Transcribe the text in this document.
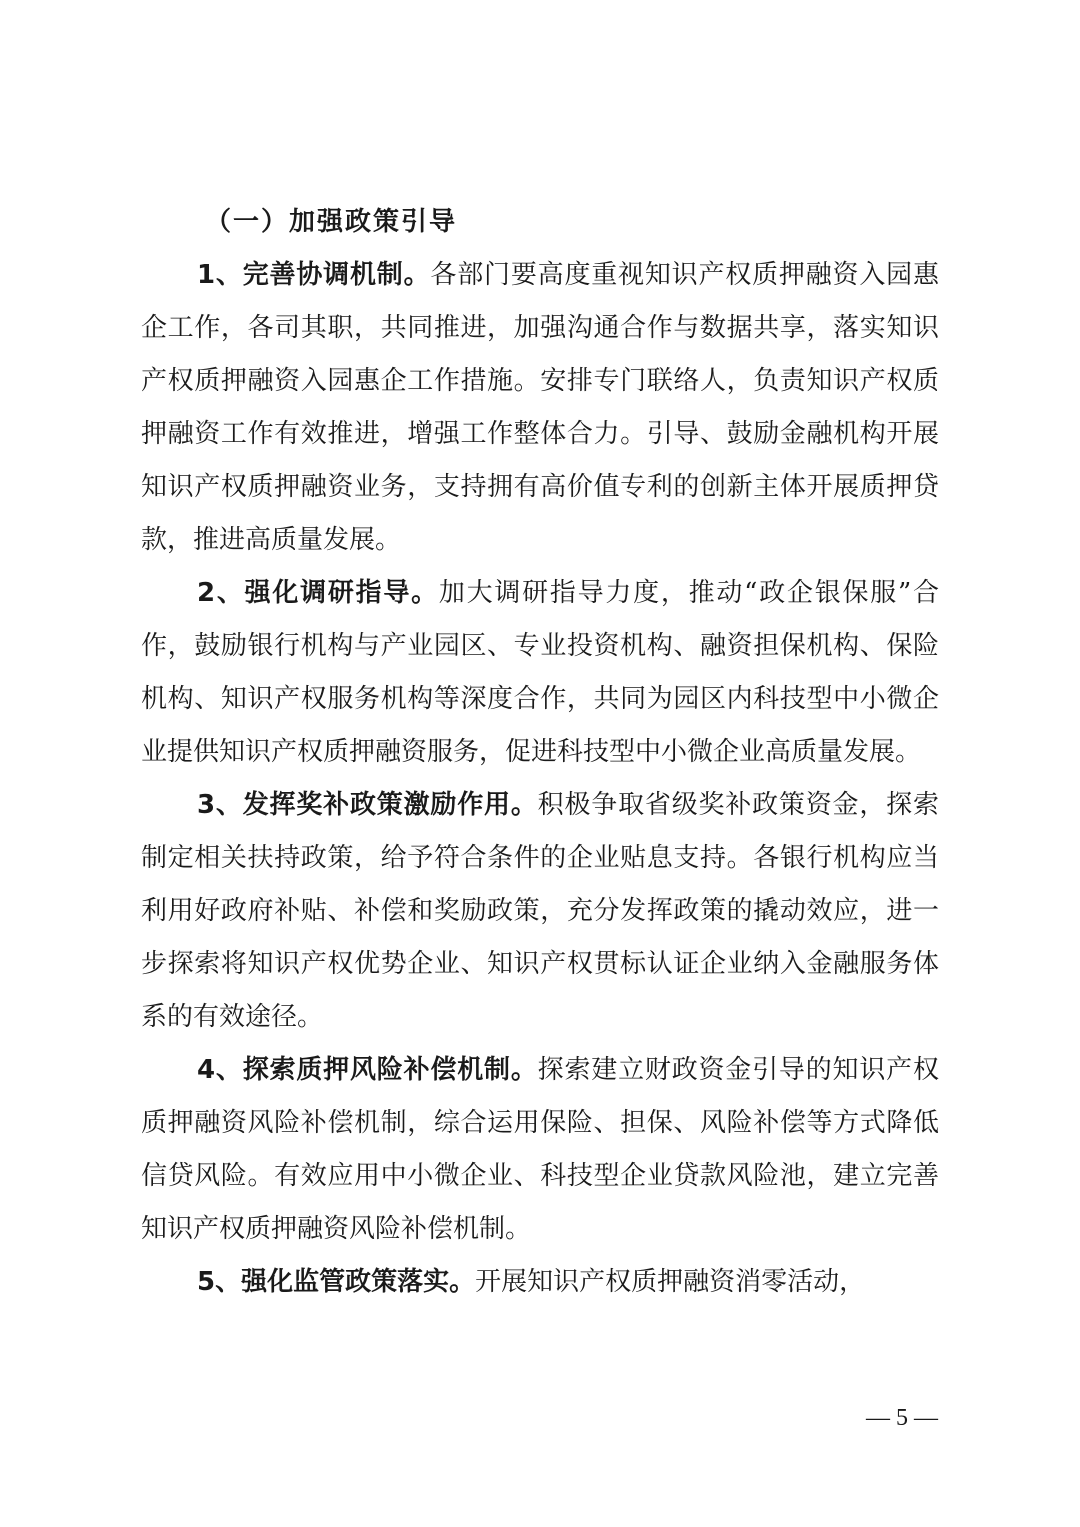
（一）加强政策引导

1、完善协调机制。各部门要高度重视知识产权质押融资入园惠企工作，各司其职，共同推进，加强沟通合作与数据共享，落实知识产权质押融资入园惠企工作措施。安排专门联络人，负责知识产权质押融资工作有效推进，增强工作整体合力。引导、鼓励金融机构开展知识产权质押融资业务，支持拥有高价值专利的创新主体开展质押贷款，推进高质量发展。

2、强化调研指导。加大调研指导力度，推动“政企银保服”合作，鼓励银行机构与产业园区、专业投资机构、融资担保机构、保险机构、知识产权服务机构等深度合作，共同为园区内科技型中小微企业提供知识产权质押融资服务，促进科技型中小微企业高质量发展。

3、发挥奖补政策激励作用。积极争取省级奖补政策资金，探索制定相关扶持政策，给予符合条件的企业贴息支持。各银行机构应当利用好政府补贴、补偿和奖励政策，充分发挥政策的撬动效应，进一步探索将知识产权优势企业、知识产权贯标认证企业纳入金融服务体系的有效途径。

4、探索质押风险补偿机制。探索建立财政资金引导的知识产权质押融资风险补偿机制，综合运用保险、担保、风险补偿等方式降低信贷风险。有效应用中小微企业、科技型企业贷款风险池，建立完善知识产权质押融资风险补偿机制。

5、强化监管政策落实。开展知识产权质押融资消零活动，

— 5 —
